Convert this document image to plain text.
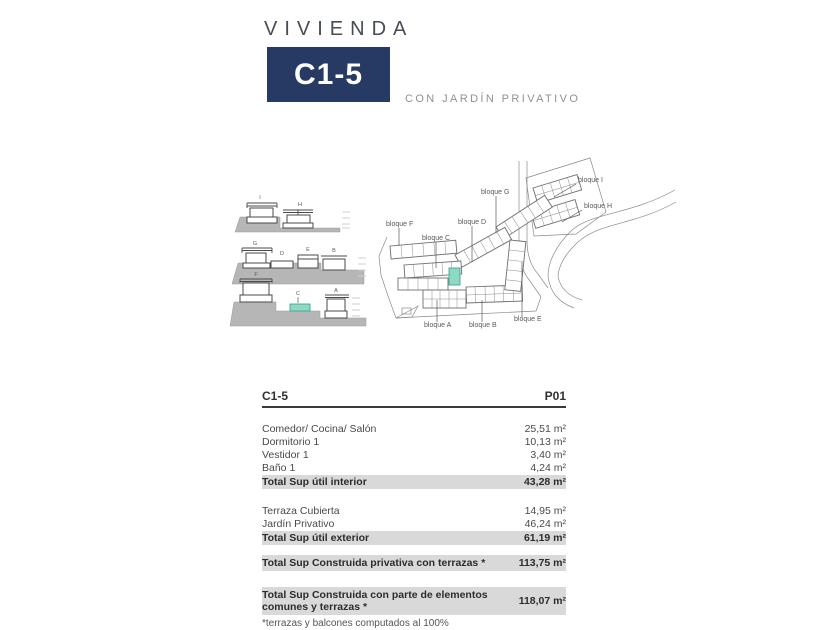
VIVIENDA
C1-5
CON JARDÍN PRIVATIVO
I
H
G
D
E	B
F
C	A
bloque F
bloque C
bloque G
bloque D
bloque I
bloque H
bloque A	bloque B
bloque E
C1-5	P01
Comedor/ Cocina/ Salón	25,51 m²
Dormitorio 1	10,13 m²
Vestidor 1	3,40 m²
Baño 1	4,24 m²
Total Sup útil interior	43,28 m²
Terraza Cubierta	14,95 m²
Jardín Privativo	46,24 m²
Total Sup útil exterior	61,19 m²
Total Sup Construida privativa con terrazas *	113,75 m²
Total Sup Construida con parte de elementos comunes y terrazas *	118,07 m²
*terrazas y balcones computados al 100%
